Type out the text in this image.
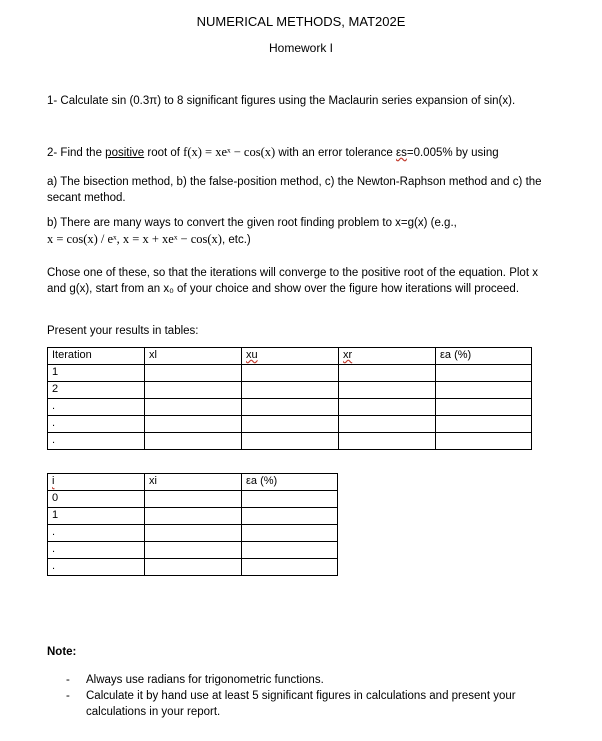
NUMERICAL METHODS, MAT202E
Homework I
1- Calculate sin (0.3π) to 8 significant figures using the Maclaurin series expansion of sin(x).
2- Find the positive root of f(x) = xeˣ − cos(x) with an error tolerance εs=0.005% by using
a) The bisection method, b) the false-position method, c) the Newton-Raphson method and c) the secant method.
b) There are many ways to convert the given root finding problem to x=g(x) (e.g.,
x = cos(x) / eˣ, x = x + xeˣ − cos(x), etc.)
Chose one of these, so that the iterations will converge to the positive root of the equation. Plot x and g(x), start from an x₀ of your choice and show over the figure how iterations will proceed.
Present your results in tables:
Iteration	xl	xu	xr	εa (%)
1				
2				
.				
.				
.				
i	xi	εa (%)
0		
1		
.		
.		
.		
Note:
- Always use radians for trigonometric functions.
- Calculate it by hand use at least 5 significant figures in calculations and present your calculations in your report.
